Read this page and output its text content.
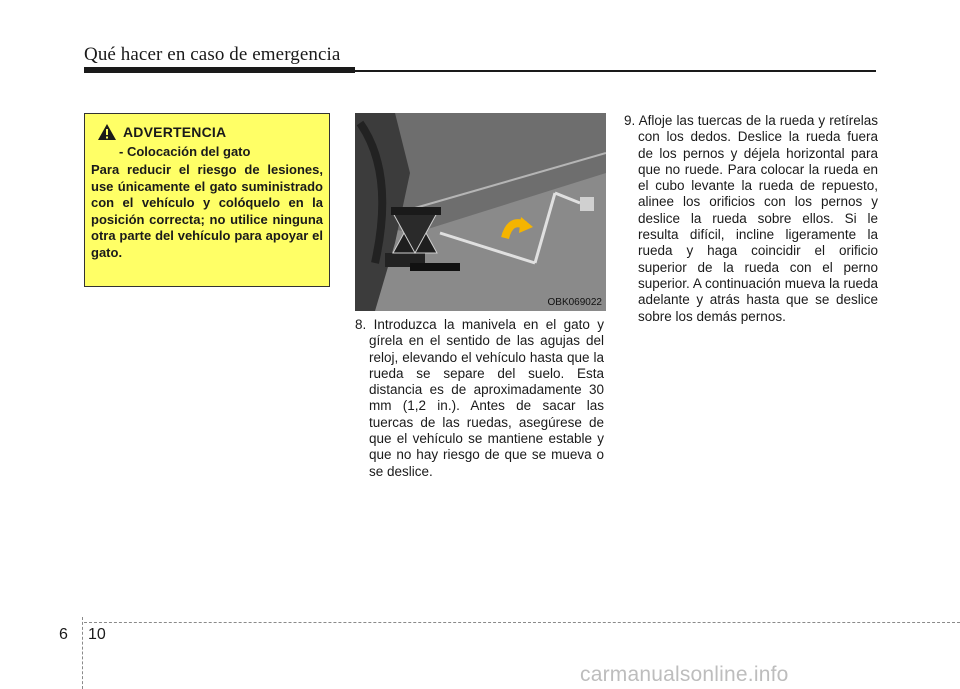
Qué hacer en caso de emergencia
ADVERTENCIA
- Colocación del gato
Para reducir el riesgo de lesiones, use únicamente el gato suministrado con el vehículo y colóquelo en la posición correcta; no utilice ninguna otra parte del vehículo para apoyar el gato.
OBK069022
8. Introduzca la manivela en el gato y gírela en el sentido de las agujas del reloj, elevando el vehículo hasta que la rueda se separe del suelo. Esta distancia es de aproximadamente 30 mm (1,2 in.). Antes de sacar las tuercas de las ruedas, asegúrese de que el vehículo se mantiene estable y que no hay riesgo de que se mueva o se deslice.
9. Afloje las tuercas de la rueda y retírelas con los dedos. Deslice la rueda fuera de los pernos y déjela horizontal para que no ruede. Para colocar la rueda en el cubo levante la rueda de repuesto, alinee los orificios con los pernos y deslice la rueda sobre ellos. Si le resulta difícil, incline ligeramente la rueda y haga coincidir el orificio superior de la rueda con el perno superior. A continuación mueva la rueda adelante y atrás hasta que se deslice sobre los demás pernos.
6 10
carmanualsonline.info
